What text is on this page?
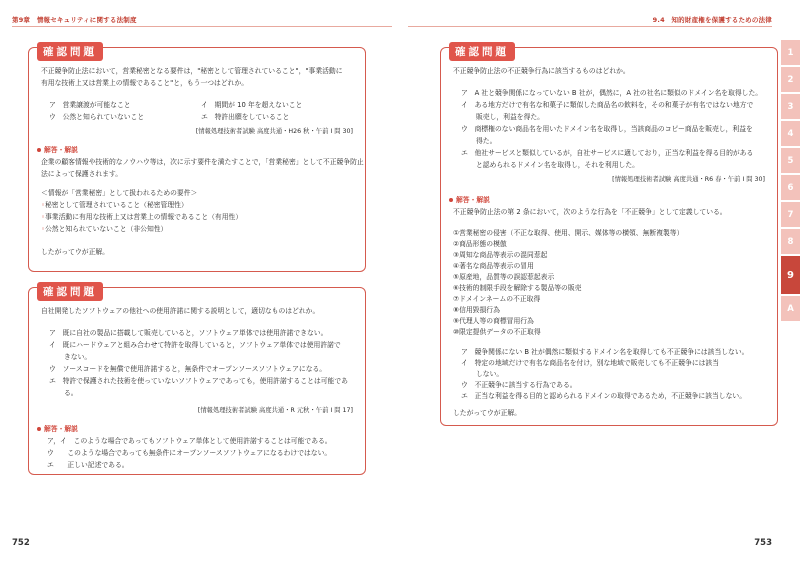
第9章　情報セキュリティに関する法制度
確認問題
不正競争防止法において，営業秘密となる要件は，"秘密として管理されていること"，"事業活動に
有用な技術上又は営業上の情報であること"と，もう一つはどれか。
ア　 営業譲渡が可能なこと	イ　 期間が 10 年を超えないこと
ウ　 公然と知られていないこと	エ　 特許出願をしていること
[情報処理技術者試験 高度共通・H26 秋・午前 I 問 30]
解答・解説
企業の顧客情報や技術的なノウハウ等は，次に示す要件を満たすことで，「営業秘密」として不正競争防止
法によって保護されます。
＜情報が「営業秘密」として扱われるための要件＞
◦秘密として管理されていること（秘密管理性）
◦事業活動に有用な技術上又は営業上の情報であること（有用性）
◦公然と知られていないこと（非公知性）
したがってウが正解。
確認問題
自社開発したソフトウェアの他社への使用許諾に関する説明として，適切なものはどれか。
ア　 既に自社の製品に搭載して販売していると，ソフトウェア単体では使用許諾できない。
イ　 既にハードウェアと組み合わせて特許を取得していると，ソフトウェア単体では使用許諾で
きない。
ウ　 ソースコードを無償で使用許諾すると，無条件でオープンソースソフトウェアになる。
エ　 特許で保護された技術を使っていないソフトウェアであっても，使用許諾することは可能であ
る。
[情報処理技術者試験 高度共通・R 元秋・午前 I 問 17]
解答・解説
ア，イ　このような場合であってもソフトウェア単体として使用許諾することは可能である。
ウ　　このような場合であっても無条件にオープンソースソフトウェアになるわけではない。
エ　　正しい記述である。
752
9.4　知的財産権を保護するための法律
確認問題
不正競争防止法の不正競争行為に該当するものはどれか。
ア　 A 社と競争関係になっていない B 社が，偶然に，A 社の社名に類似のドメイン名を取得した。
イ　 ある地方だけで有名な和菓子に類似した商品名の飲料を，その和菓子が有名ではない地方で
販売し，利益を得た。
ウ　 商標権のない商品名を用いたドメイン名を取得し，当該商品のコピー商品を販売し，利益を
得た。
エ　 他社サービスと類似しているが，自社サービスに適しており，正当な利益を得る目的がある
と認められるドメイン名を取得し，それを利用した。
[情報処理技術者試験 高度共通・R6 春・午前 I 問 30]
解答・解説
不正競争防止法の第 2 条において，次のような行為を「不正競争」として定義している。
①営業秘密の侵害（不正な取得、使用、開示、媒体等の横領、無断複製等）
②商品形態の模倣
③周知な商品等表示の混同惹起
④著名な商品等表示の冒用
⑤原産地，品質等の誤認惹起表示
⑥技術的制限手段を解除する製品等の販売
⑦ドメインネームの不正取得
⑧信用毀損行為
⑨代理人等の商標冒用行為
⑩限定提供データの不正取得
ア　 競争関係にない B 社が偶然に類似するドメイン名を取得しても不正競争には該当しない。
イ　 特定の地域だけで有名な商品名を付け，別な地域で販売しても不正競争には該当
しない。
ウ　 不正競争に該当する行為である。
エ　 正当な利益を得る目的と認められるドメインの取得であるため，不正競争に該当しない。
したがってウが正解。
1
2
3
4
5
6
7
8
9
A
753
